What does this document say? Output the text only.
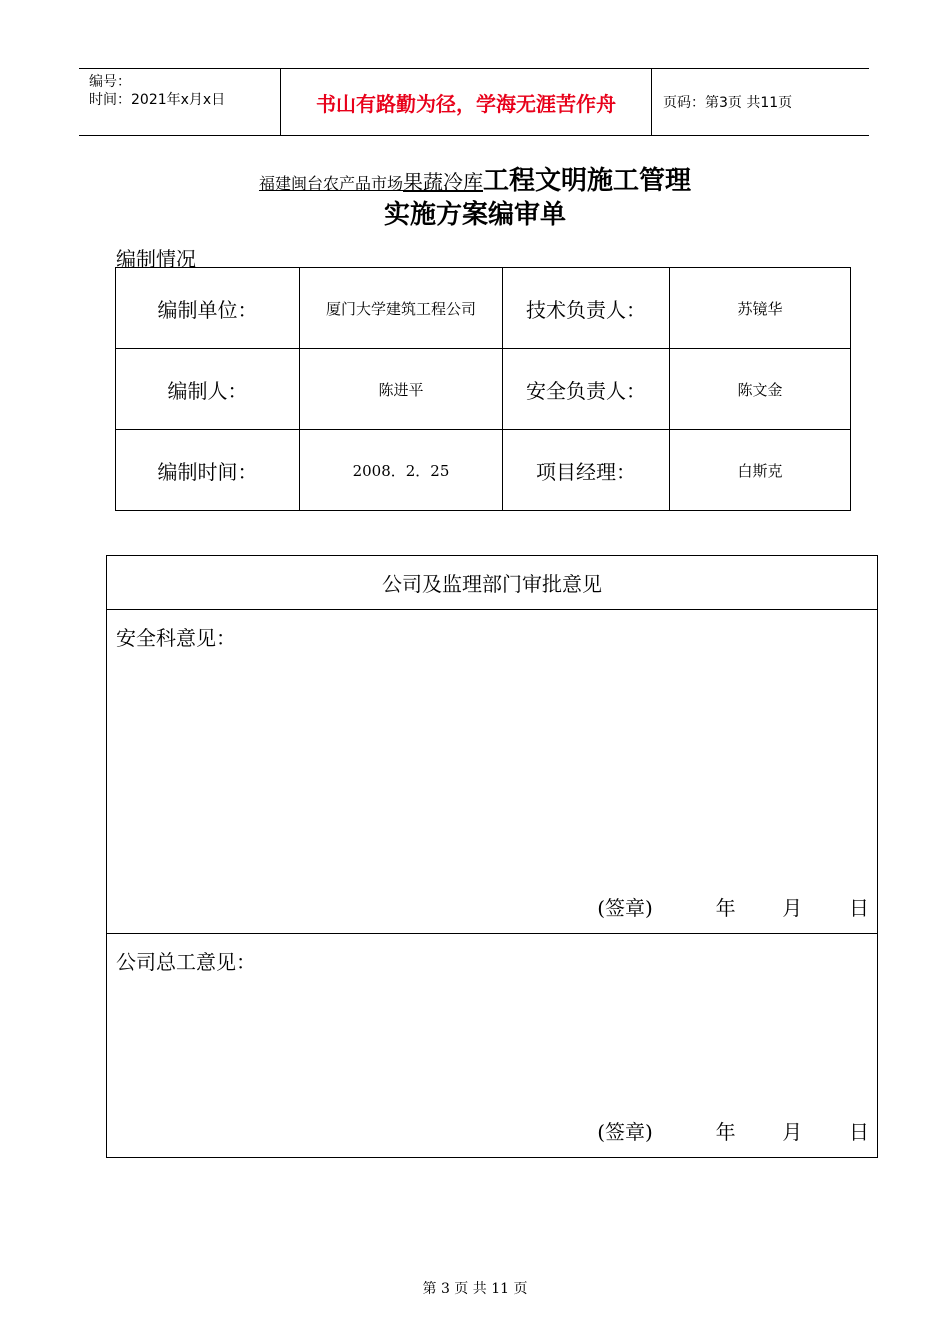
编号：
时间：2021年x月x日	书山有路勤为径，学海无涯苦作舟	页码：第3页 共11页
福建闽台农产品市场果蔬冷库工程文明施工管理
实施方案编审单
编制情况
编制单位：	厦门大学建筑工程公司	技术负责人：	苏镜华
编制人：	陈进平	安全负责人：	陈文金
编制时间：	2008．2．25	项目经理：	白斯克
公司及监理部门审批意见
安全科意见：
(签章)	年 月 日
公司总工意见：
(签章)	年 月 日
第 3 页 共 11 页
